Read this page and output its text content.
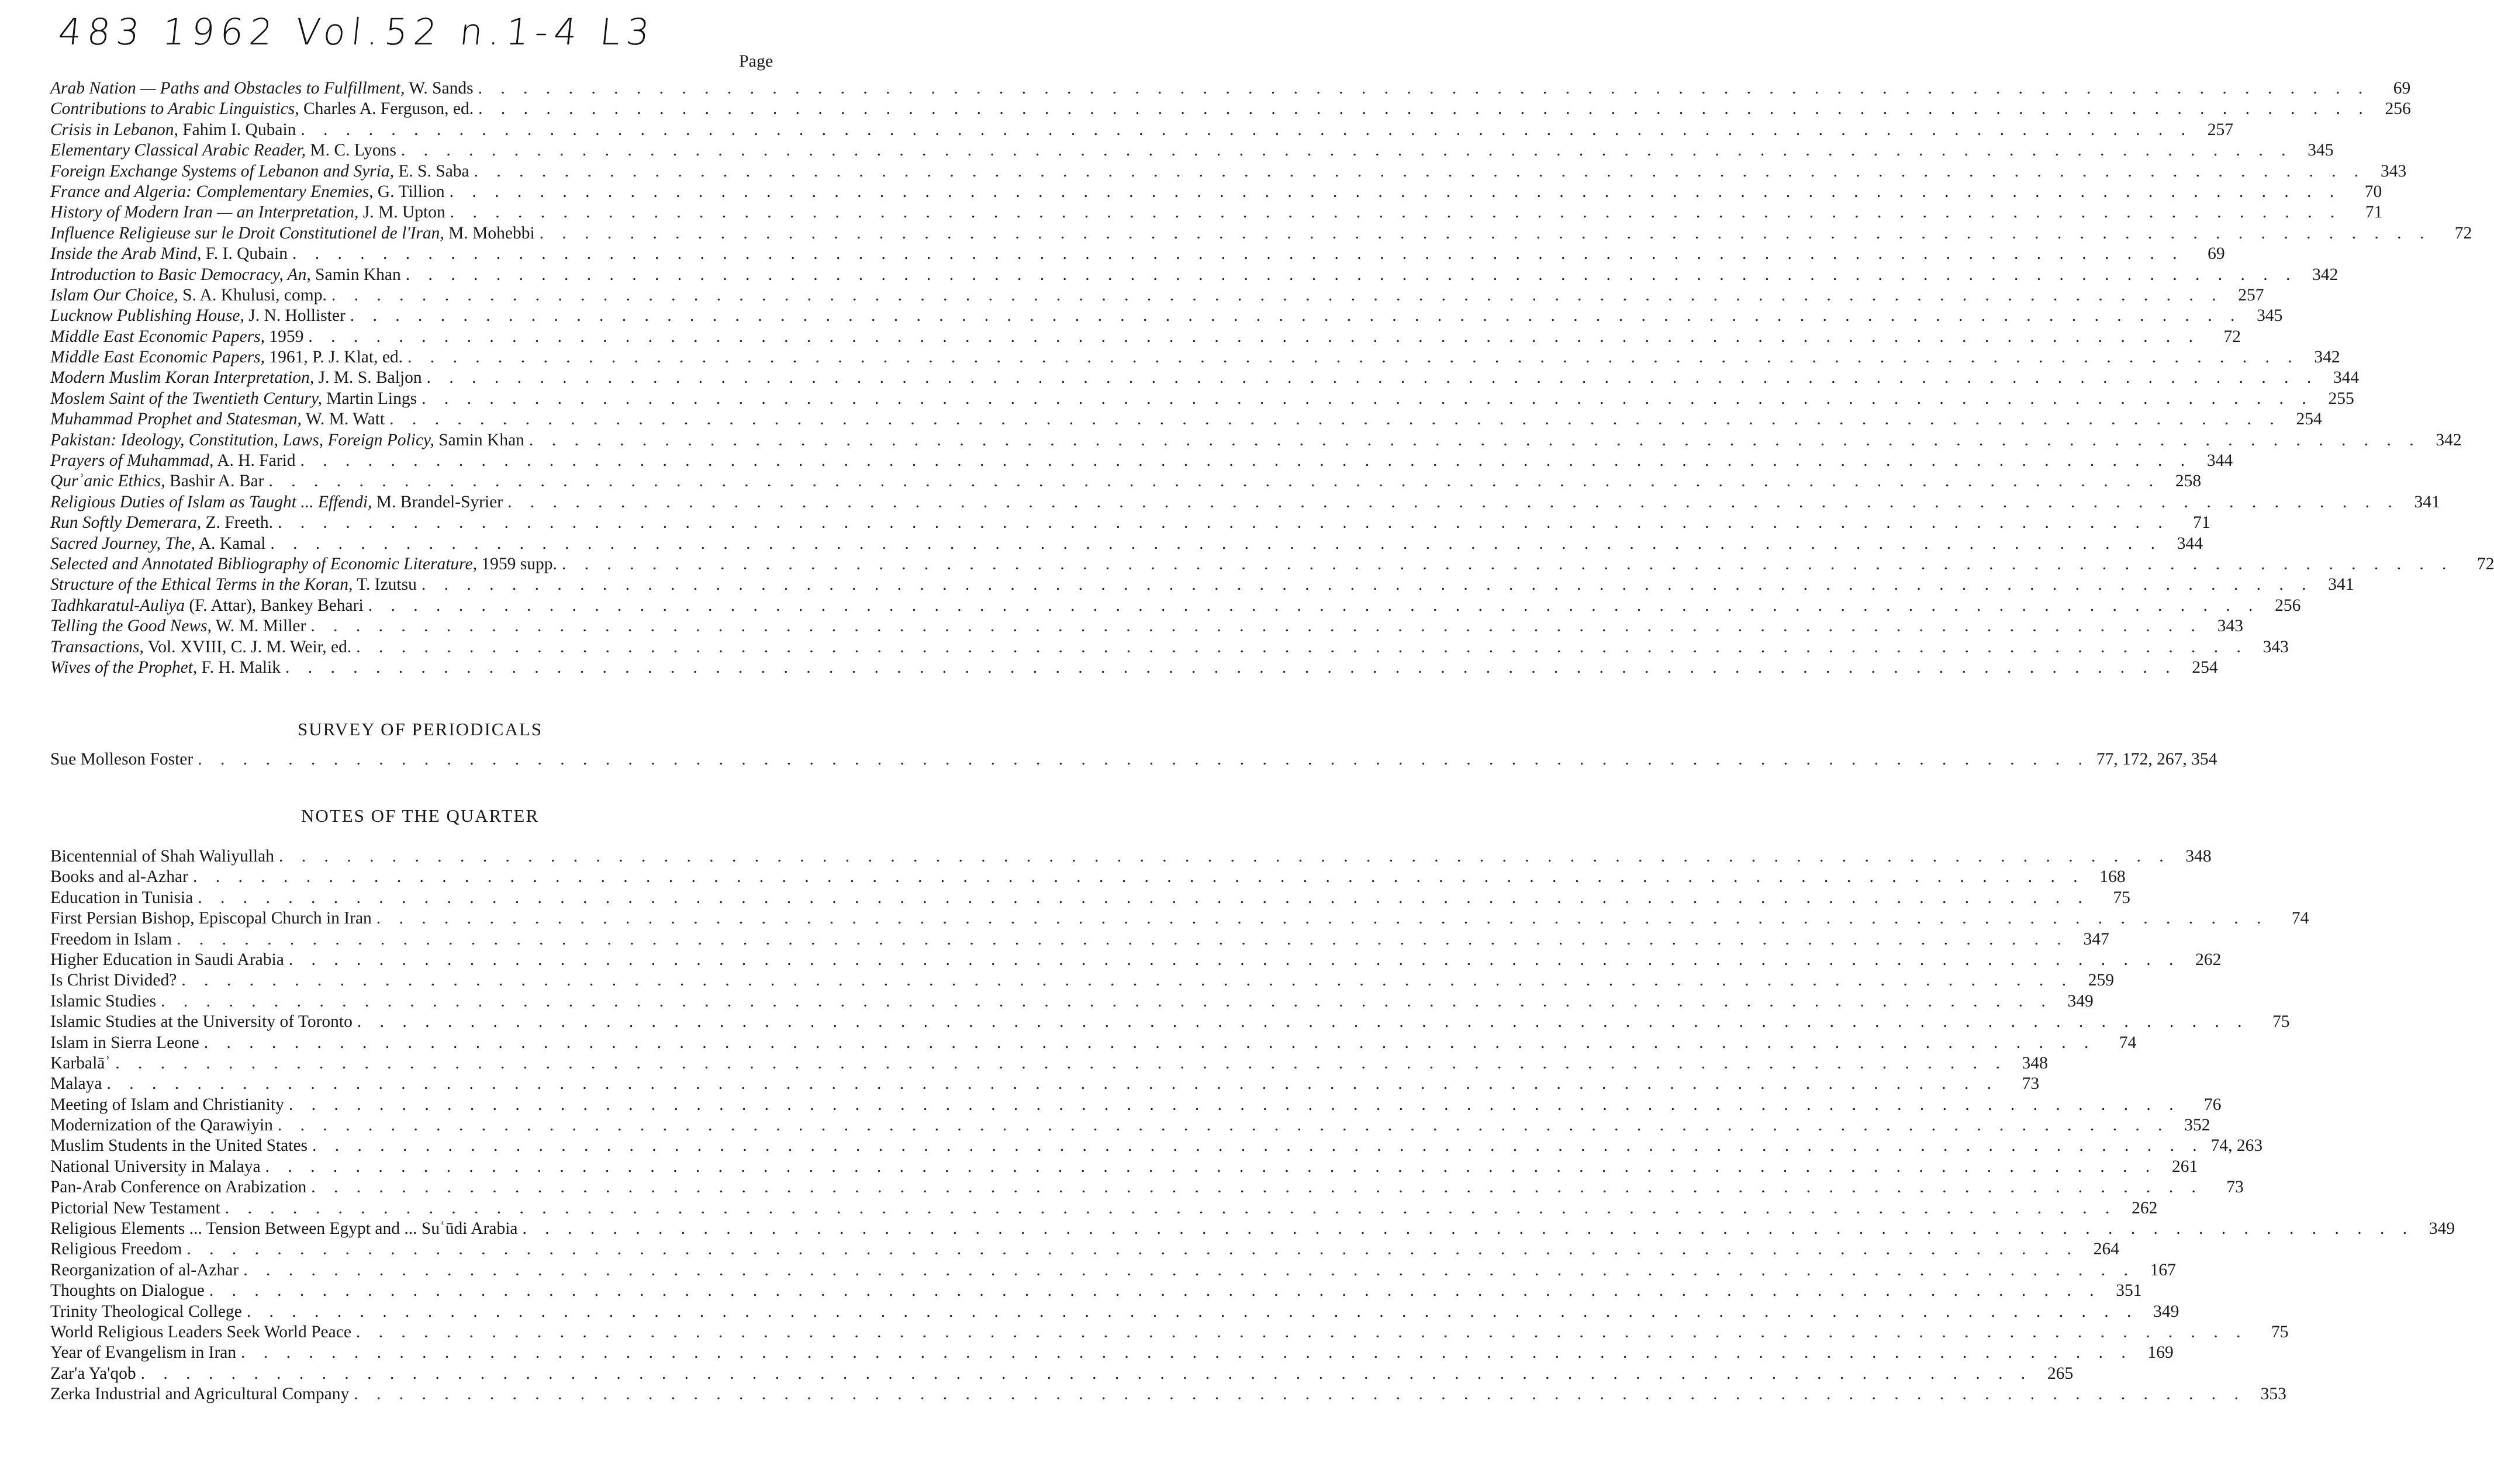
483 1962 Vol.52 n.1-4 L3
Page
Arab Nation — Paths and Obstacles to Fulfillment, W. Sands . . .	69
Contributions to Arabic Linguistics, Charles A. Ferguson, ed. . . .	256
Crisis in Lebanon, Fahim I. Qubain . . .	257
Elementary Classical Arabic Reader, M. C. Lyons . . .	345
Foreign Exchange Systems of Lebanon and Syria, E. S. Saba . . .	343
France and Algeria: Complementary Enemies, G. Tillion . . .	70
History of Modern Iran — an Interpretation, J. M. Upton . . .	71
Influence Religieuse sur le Droit Constitutionel de l'Iran, M. Mohebbi . . .	72
Inside the Arab Mind, F. I. Qubain . . .	69
Introduction to Basic Democracy, An, Samin Khan . . .	342
Islam Our Choice, S. A. Khulusi, comp. . . .	257
Lucknow Publishing House, J. N. Hollister . . .	345
Middle East Economic Papers, 1959 . . .	72
Middle East Economic Papers, 1961, P. J. Klat, ed. . . .	342
Modern Muslim Koran Interpretation, J. M. S. Baljon . . .	344
Moslem Saint of the Twentieth Century, Martin Lings . . .	255
Muhammad Prophet and Statesman, W. M. Watt . . .	254
Pakistan: Ideology, Constitution, Laws, Foreign Policy, Samin Khan . . .	342
Prayers of Muhammad, A. H. Farid . . .	344
Qurʾanic Ethics, Bashir A. Bar . . .	258
Religious Duties of Islam as Taught ... Effendi, M. Brandel-Syrier . . .	341
Run Softly Demerara, Z. Freeth. . . .	71
Sacred Journey, The, A. Kamal . . .	344
Selected and Annotated Bibliography of Economic Literature, 1959 supp. . . .	72
Structure of the Ethical Terms in the Koran, T. Izutsu . . .	341
Tadhkaratul-Auliya (F. Attar), Bankey Behari . . .	256
Telling the Good News, W. M. Miller . . .	343
Transactions, Vol. XVIII, C. J. M. Weir, ed. . . .	343
Wives of the Prophet, F. H. Malik . . .	254
SURVEY OF PERIODICALS
Sue Molleson Foster . . .	77, 172, 267, 354
NOTES OF THE QUARTER
Bicentennial of Shah Waliyullah . . .	348
Books and al-Azhar . . .	168
Education in Tunisia . . .	75
First Persian Bishop, Episcopal Church in Iran . . .	74
Freedom in Islam . . .	347
Higher Education in Saudi Arabia . . .	262
Is Christ Divided? . . .	259
Islamic Studies . . .	349
Islamic Studies at the University of Toronto . . .	75
Islam in Sierra Leone . . .	74
Karbalāʾ . . .	348
Malaya . . .	73
Meeting of Islam and Christianity . . .	76
Modernization of the Qarawiyin . . .	352
Muslim Students in the United States . . .	74, 263
National University in Malaya . . .	261
Pan-Arab Conference on Arabization . . .	73
Pictorial New Testament . . .	262
Religious Elements ... Tension Between Egypt and ... Suʿūdi Arabia . . .	349
Religious Freedom . . .	264
Reorganization of al-Azhar . . .	167
Thoughts on Dialogue . . .	351
Trinity Theological College . . .	349
World Religious Leaders Seek World Peace . . .	75
Year of Evangelism in Iran . . .	169
Zar'a Ya'qob . . .	265
Zerka Industrial and Agricultural Company . . .	353
